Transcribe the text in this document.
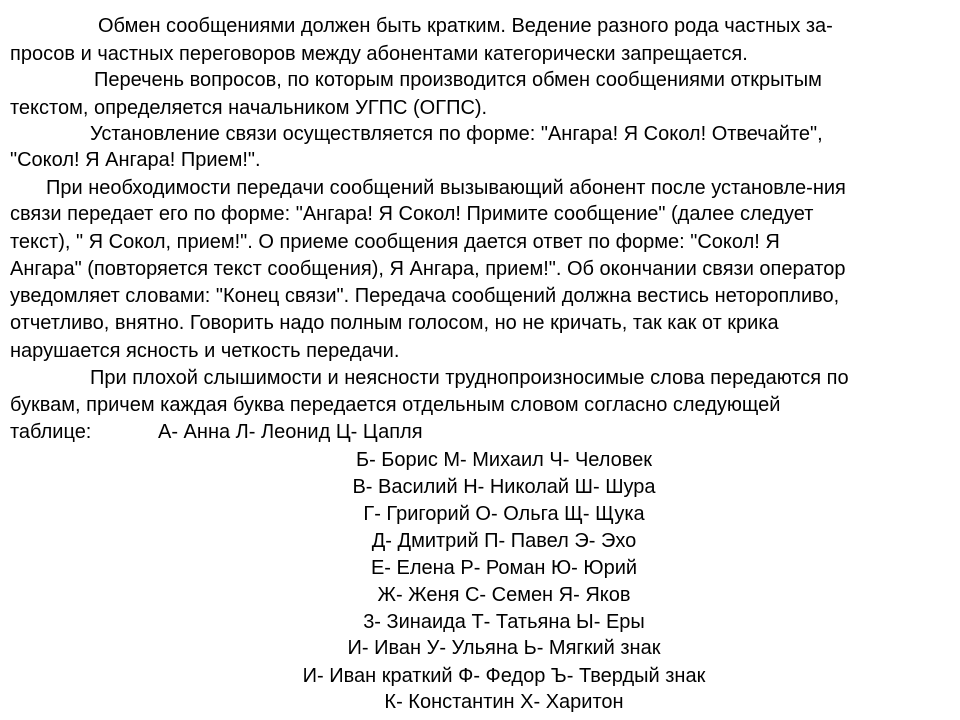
Обмен сообщениями должен быть кратким. Ведение разного рода частных за-
просов и частных переговоров между абонентами категорически запрещается.
Перечень вопросов, по которым производится обмен сообщениями открытым
текстом, определяется начальником УГПС (ОГПС).
Установление связи осуществляется по форме: "Ангара! Я Сокол! Отвечайте",
"Сокол! Я Ангара! Прием!".
При необходимости передачи сообщений вызывающий абонент после установле-ния
связи передает его по форме: "Ангара! Я Сокол! Примите сообщение" (далее следует
текст), " Я Сокол, прием!". О приеме сообщения дается ответ по форме: "Сокол! Я
Ангара" (повторяется текст сообщения), Я Ангара, прием!". Об окончании связи оператор
уведомляет словами: "Конец связи". Передача сообщений должна вестись неторопливо,
отчетливо, внятно. Говорить надо полным голосом, но не кричать, так как от крика
нарушается ясность и четкость передачи.
При плохой слышимости и неясности труднопроизносимые слова передаются по
буквам, причем каждая буква передается отдельным словом согласно следующей
таблице:	А- Анна Л- Леонид Ц- Цапля
Б- Борис М- Михаил Ч- Человек
В- Василий Н- Николай Ш- Шура
Г- Григорий О- Ольга Щ- Щука
Д- Дмитрий П- Павел Э- Эхо
Е- Елена Р- Роман Ю- Юрий
Ж- Женя С- Семен Я- Яков
3- Зинаида Т- Татьяна Ы- Еры
И- Иван У- Ульяна Ь- Мягкий знак
И- Иван краткий Ф- Федор Ъ- Твердый знак
К- Константин Х- Харитон
